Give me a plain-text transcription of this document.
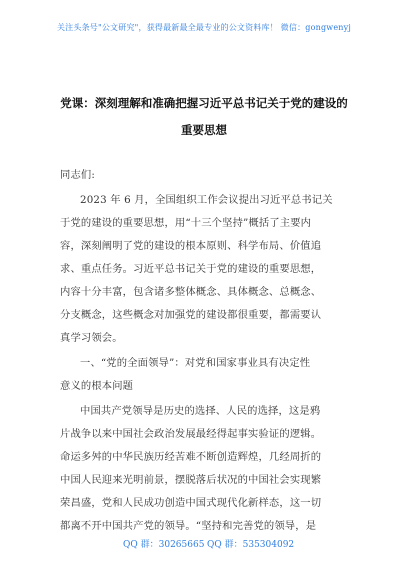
关注头条号"公文研究"，获得最新最全最专业的公文资料库！ 微信：gongwenyj
党课：深刻理解和准确把握习近平总书记关于党的建设的
重要思想
同志们:
2023 年 6 月，全国组织工作会议提出习近平总书记关
于党的建设的重要思想，用“十三个坚持”概括了主要内
容，深刻阐明了党的建设的根本原则、科学布局、价值追
求、重点任务。习近平总书记关于党的建设的重要思想，
内容十分丰富，包含诸多整体概念、具体概念、总概念、
分支概念，这些概念对加强党的建设都很重要，都需要认
真学习领会。
一、“党的全面领导”：对党和国家事业具有决定性
意义的根本问题
中国共产党领导是历史的选择、人民的选择，这是鸦
片战争以来中国社会政治发展最经得起事实验证的逻辑。
命运多舛的中华民族历经苦难不断创造辉煌，几经周折的
中国人民迎来光明前景，摆脱落后状况的中国社会实现繁
荣昌盛，党和人民成功创造中国式现代化新样态，这一切
都离不开中国共产党的领导。“坚持和完善党的领导，是
QQ 群：30265665 QQ 群：535304092
